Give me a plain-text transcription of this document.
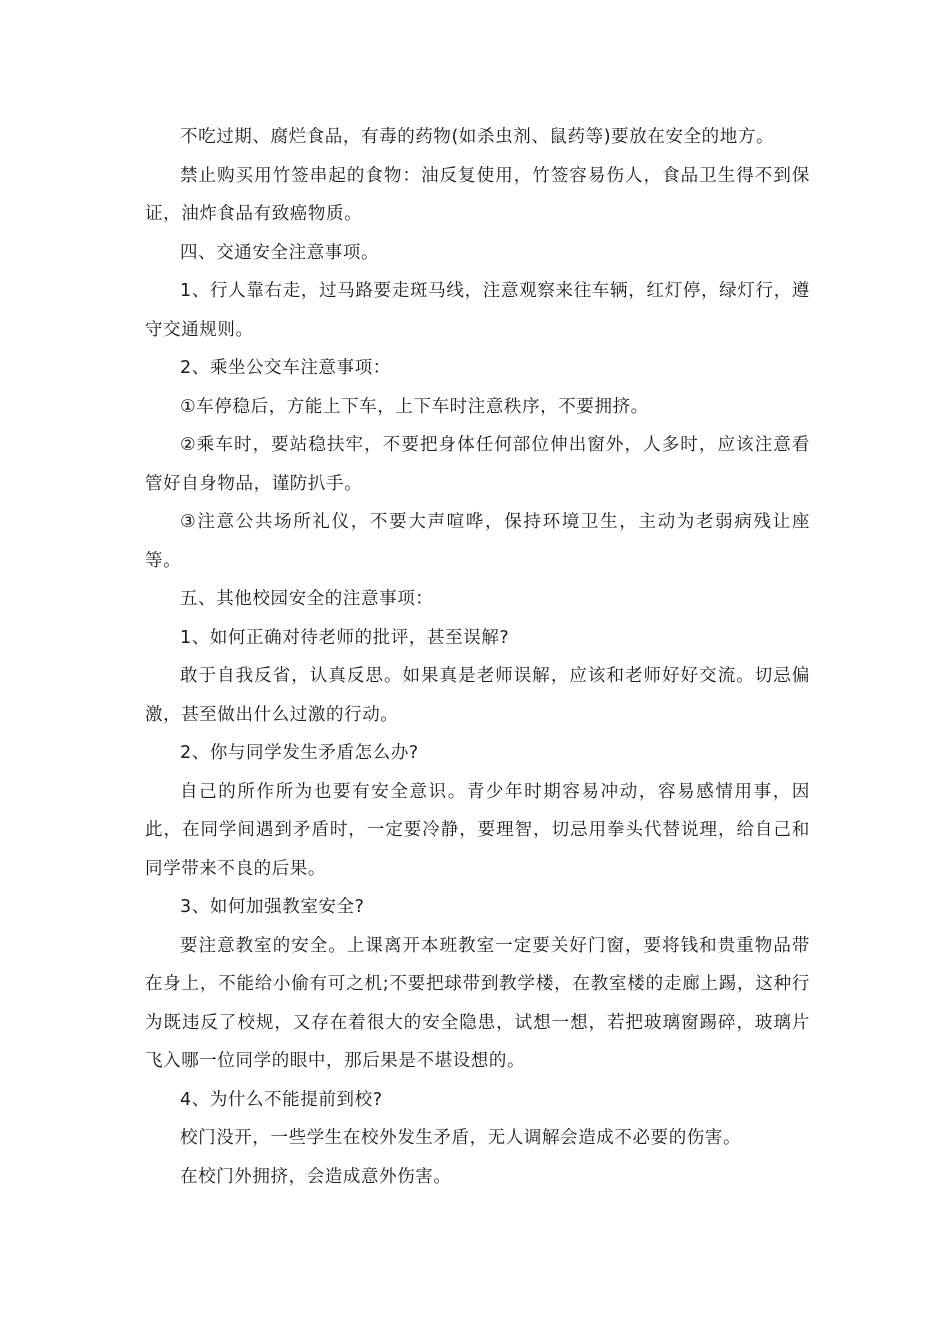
不吃过期、腐烂食品，有毒的药物(如杀虫剂、鼠药等)要放在安全的地方。

禁止购买用竹签串起的食物：油反复使用，竹签容易伤人，食品卫生得不到保证，油炸食品有致癌物质。

四、交通安全注意事项。

1、行人靠右走，过马路要走斑马线，注意观察来往车辆，红灯停，绿灯行，遵守交通规则。

2、乘坐公交车注意事项：

①车停稳后，方能上下车，上下车时注意秩序，不要拥挤。

②乘车时，要站稳扶牢，不要把身体任何部位伸出窗外，人多时，应该注意看管好自身物品，谨防扒手。

③注意公共场所礼仪，不要大声喧哗，保持环境卫生，主动为老弱病残让座等。

五、其他校园安全的注意事项：

1、如何正确对待老师的批评，甚至误解?

敢于自我反省，认真反思。如果真是老师误解，应该和老师好好交流。切忌偏激，甚至做出什么过激的行动。

2、你与同学发生矛盾怎么办?

自己的所作所为也要有安全意识。青少年时期容易冲动，容易感情用事，因此，在同学间遇到矛盾时，一定要冷静，要理智，切忌用拳头代替说理，给自己和同学带来不良的后果。

3、如何加强教室安全?

要注意教室的安全。上课离开本班教室一定要关好门窗，要将钱和贵重物品带在身上，不能给小偷有可之机;不要把球带到教学楼，在教室楼的走廊上踢，这种行为既违反了校规，又存在着很大的安全隐患，试想一想，若把玻璃窗踢碎，玻璃片飞入哪一位同学的眼中，那后果是不堪设想的。

4、为什么不能提前到校?

校门没开，一些学生在校外发生矛盾，无人调解会造成不必要的伤害。

在校门外拥挤，会造成意外伤害。
